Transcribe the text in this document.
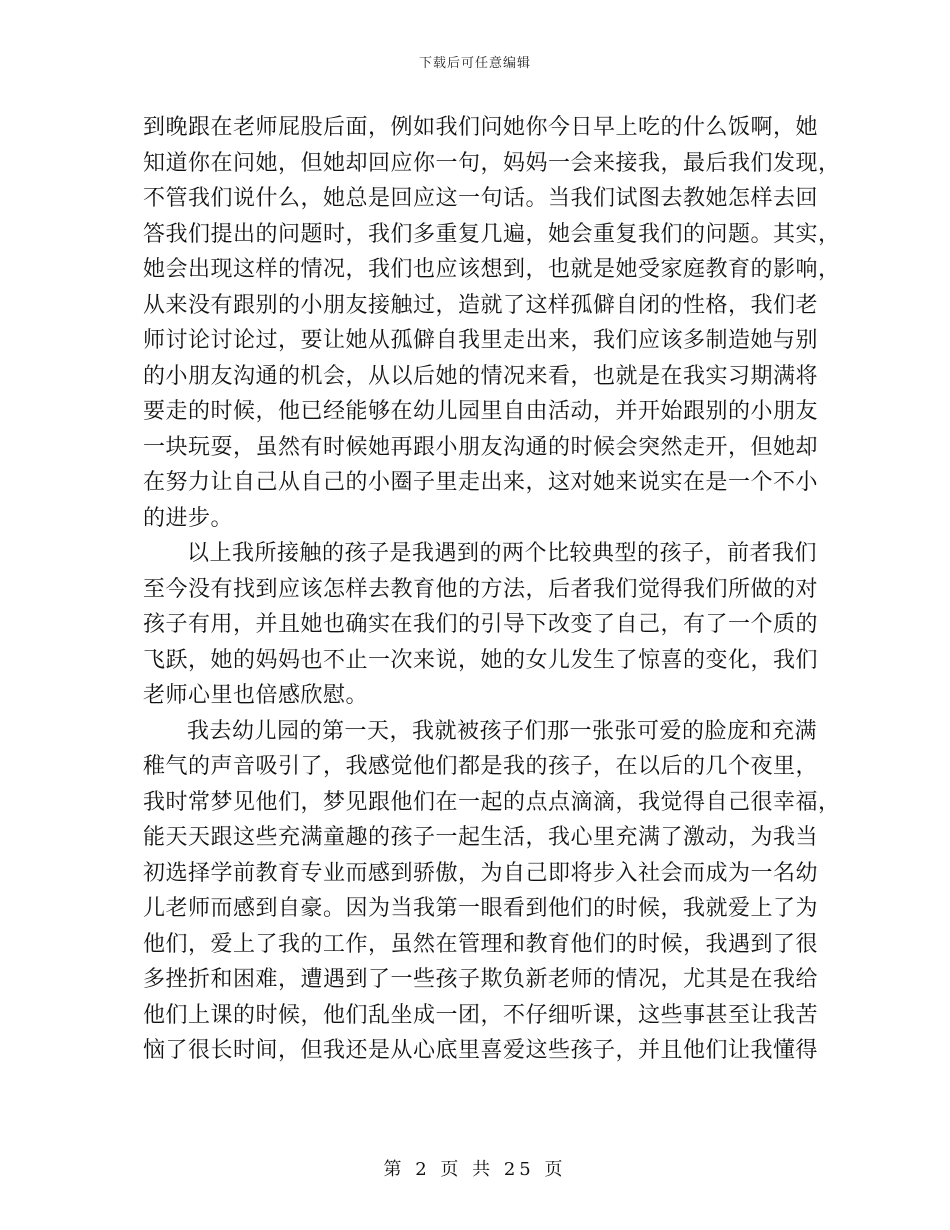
下载后可任意编辑
到晚跟在老师屁股后面，例如我们问她你今日早上吃的什么饭啊，她
知道你在问她，但她却回应你一句，妈妈一会来接我，最后我们发现，
不管我们说什么，她总是回应这一句话。当我们试图去教她怎样去回
答我们提出的问题时，我们多重复几遍，她会重复我们的问题。其实，
她会出现这样的情况，我们也应该想到，也就是她受家庭教育的影响，
从来没有跟别的小朋友接触过，造就了这样孤僻自闭的性格，我们老
师讨论讨论过，要让她从孤僻自我里走出来，我们应该多制造她与别
的小朋友沟通的机会，从以后她的情况来看，也就是在我实习期满将
要走的时候，他已经能够在幼儿园里自由活动，并开始跟别的小朋友
一块玩耍，虽然有时候她再跟小朋友沟通的时候会突然走开，但她却
在努力让自己从自己的小圈子里走出来，这对她来说实在是一个不小
的进步。
以上我所接触的孩子是我遇到的两个比较典型的孩子，前者我们
至今没有找到应该怎样去教育他的方法，后者我们觉得我们所做的对
孩子有用，并且她也确实在我们的引导下改变了自己，有了一个质的
飞跃，她的妈妈也不止一次来说，她的女儿发生了惊喜的变化，我们
老师心里也倍感欣慰。
我去幼儿园的第一天，我就被孩子们那一张张可爱的脸庞和充满
稚气的声音吸引了，我感觉他们都是我的孩子，在以后的几个夜里，
我时常梦见他们，梦见跟他们在一起的点点滴滴，我觉得自己很幸福，
能天天跟这些充满童趣的孩子一起生活，我心里充满了激动，为我当
初选择学前教育专业而感到骄傲，为自己即将步入社会而成为一名幼
儿老师而感到自豪。因为当我第一眼看到他们的时候，我就爱上了为
他们，爱上了我的工作，虽然在管理和教育他们的时候，我遇到了很
多挫折和困难，遭遇到了一些孩子欺负新老师的情况，尤其是在我给
他们上课的时候，他们乱坐成一团，不仔细听课，这些事甚至让我苦
恼了很长时间，但我还是从心底里喜爱这些孩子，并且他们让我懂得
第 2 页 共 25 页
